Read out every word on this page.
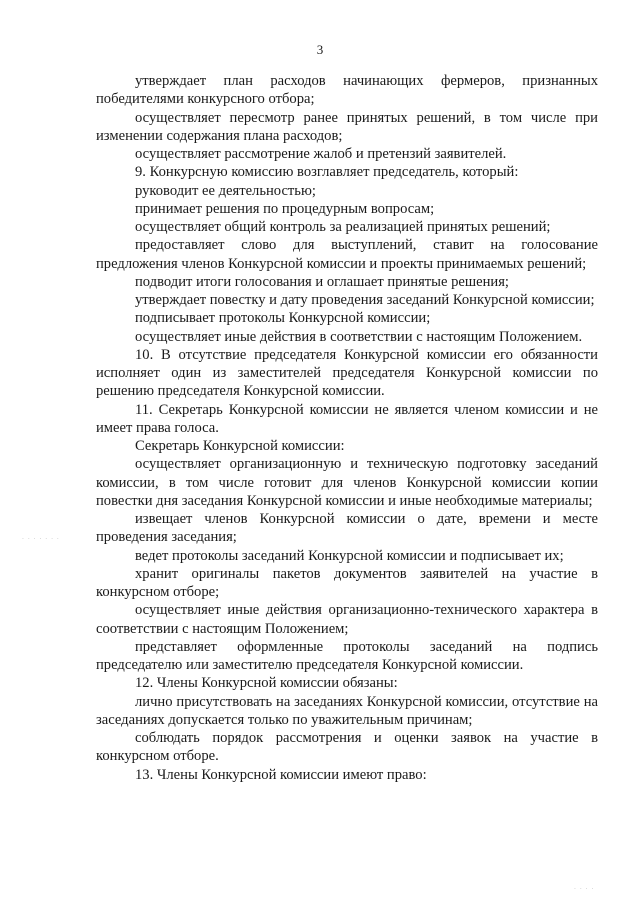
3

утверждает план расходов начинающих фермеров, признанных победителями конкурсного отбора;

осуществляет пересмотр ранее принятых решений, в том числе при изменении содержания плана расходов;

осуществляет рассмотрение жалоб и претензий заявителей.

9. Конкурсную комиссию возглавляет председатель, который:

руководит ее деятельностью;

принимает решения по процедурным вопросам;

осуществляет общий контроль за реализацией принятых решений;

предоставляет слово для выступлений, ставит на голосование предложения членов Конкурсной комиссии и проекты принимаемых решений;

подводит итоги голосования и оглашает принятые решения;

утверждает повестку и дату проведения заседаний Конкурсной комиссии;

подписывает протоколы Конкурсной комиссии;

осуществляет иные действия в соответствии с настоящим Положением.

10. В отсутствие председателя Конкурсной комиссии его обязанности исполняет один из заместителей председателя Конкурсной комиссии по решению председателя Конкурсной комиссии.

11. Секретарь Конкурсной комиссии не является членом комиссии и не имеет права голоса.

Секретарь Конкурсной комиссии:

осуществляет организационную и техническую подготовку заседаний комиссии, в том числе готовит для членов Конкурсной комиссии копии повестки дня заседания Конкурсной комиссии и иные необходимые материалы;

извещает членов Конкурсной комиссии о дате, времени и месте проведения заседания;

ведет протоколы заседаний Конкурсной комиссии и подписывает их;

хранит оригиналы пакетов документов заявителей на участие в конкурсном отборе;

осуществляет иные действия организационно-технического характера в соответствии с настоящим Положением;

представляет оформленные протоколы заседаний на подпись председателю или заместителю председателя Конкурсной комиссии.

12. Члены Конкурсной комиссии обязаны:

лично присутствовать на заседаниях Конкурсной комиссии, отсутствие на заседаниях допускается только по уважительным причинам;

соблюдать порядок рассмотрения и оценки заявок на участие в конкурсном отборе.

13. Члены Конкурсной комиссии имеют право:

· · · · · · ·
· · · ·
